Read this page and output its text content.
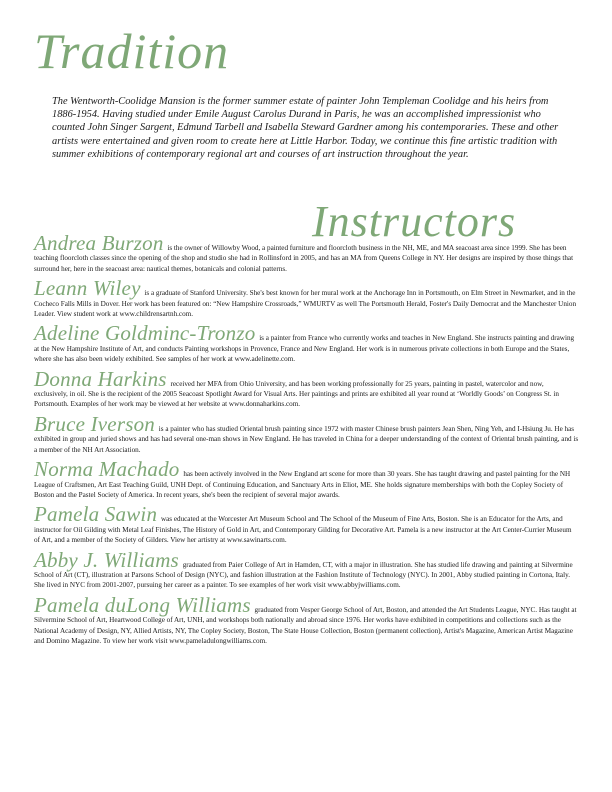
Tradition

The Wentworth-Coolidge Mansion is the former summer estate of painter John Templeman Coolidge and his heirs from 1886-1954. Having studied under Emile August Carolus Durand in Paris, he was an accomplished impressionist who counted John Singer Sargent, Edmund Tarbell and Isabella Steward Gardner among his contemporaries. These and other artists were entertained and given room to create here at Little Harbor. Today, we continue this fine artistic tradition with summer exhibitions of contemporary regional art and courses of art instruction throughout the year.

Instructors
Andrea Burzon is the owner of Willowby Wood, a painted furniture and floorcloth business in the NH, ME, and MA seacoast area since 1999. She has been teaching floorcloth classes since the opening of the shop and studio she had in Rollinsford in 2005, and has an MA from Queens College in NY. Her designs are inspired by those things that surround her, here in the seacoast area: nautical themes, botanicals and colonial patterns.
Leann Wiley is a graduate of Stanford University. She's best known for her mural work at the Anchorage Inn in Portsmouth, on Elm Street in Newmarket, and in the Cocheco Falls Mills in Dover. Her work has been featured on: “New Hampshire Crossroads,” WMURTV as well The Portsmouth Herald, Foster's Daily Democrat and the Manchester Union Leader. View student work at www.childrensartnh.com.
Adeline Goldminc-Tronzo is a painter from France who currently works and teaches in New England. She instructs painting and drawing at the New Hampshire Institute of Art, and conducts Painting workshops in Provence, France and New England. Her work is in numerous private collections in both Europe and the States, where she has also been widely exhibited. See samples of her work at www.adelinette.com.
Donna Harkins received her MFA from Ohio University, and has been working professionally for 25 years, painting in pastel, watercolor and now, exclusively, in oil. She is the recipient of the 2005 Seacoast Spotlight Award for Visual Arts. Her paintings and prints are exhibited all year round at ‘Worldly Goods’ on Congress St. in Portsmouth. Examples of her work may be viewed at her website at www.donnaharkins.com.
Bruce Iverson is a painter who has studied Oriental brush painting since 1972 with master Chinese brush painters Jean Shen, Ning Yeh, and I-Hsiung Ju. He has exhibited in group and juried shows and has had several one-man shows in New England. He has traveled in China for a deeper understanding of the context of Oriental brush painting, and is a member of the NH Art Association.
Norma Machado has been actively involved in the New England art scene for more than 30 years. She has taught drawing and pastel painting for the NH League of Craftsmen, Art East Teaching Guild, UNH Dept. of Continuing Education, and Sanctuary Arts in Eliot, ME. She holds signature memberships with both the Copley Society of Boston and the Pastel Society of America. In recent years, she's been the recipient of several major awards.
Pamela Sawin was educated at the Worcester Art Museum School and The School of the Museum of Fine Arts, Boston. She is an Educator for the Arts, and instructor for Oil Gilding with Metal Leaf Finishes, The History of Gold in Art, and Contemporary Gilding for Decorative Art. Pamela is a new instructor at the Art Center-Currier Museum of Art, and a member of the Society of Gilders. View her artistry at www.sawinarts.com.
Abby J. Williams graduated from Paier College of Art in Hamden, CT, with a major in illustration. She has studied life drawing and painting at Silvermine School of Art (CT), illustration at Parsons School of Design (NYC), and fashion illustration at the Fashion Institute of Technology (NYC). In 2001, Abby studied painting in Cortona, Italy. She lived in NYC from 2001-2007, pursuing her career as a painter. To see examples of her work visit www.abbyjwilliams.com.
Pamela duLong Williams graduated from Vesper George School of Art, Boston, and attended the Art Students League, NYC. Has taught at Silvermine School of Art, Heartwood College of Art, UNH, and workshops both nationally and abroad since 1976. Her works have exhibited in competitions and collections such as the National Academy of Design, NY, Allied Artists, NY, The Copley Society, Boston, The State House Collection, Boston (permanent collection), Artist's Magazine, American Artist Magazine and Domino Magazine. To view her work visit www.pameladulongwilliams.com.
